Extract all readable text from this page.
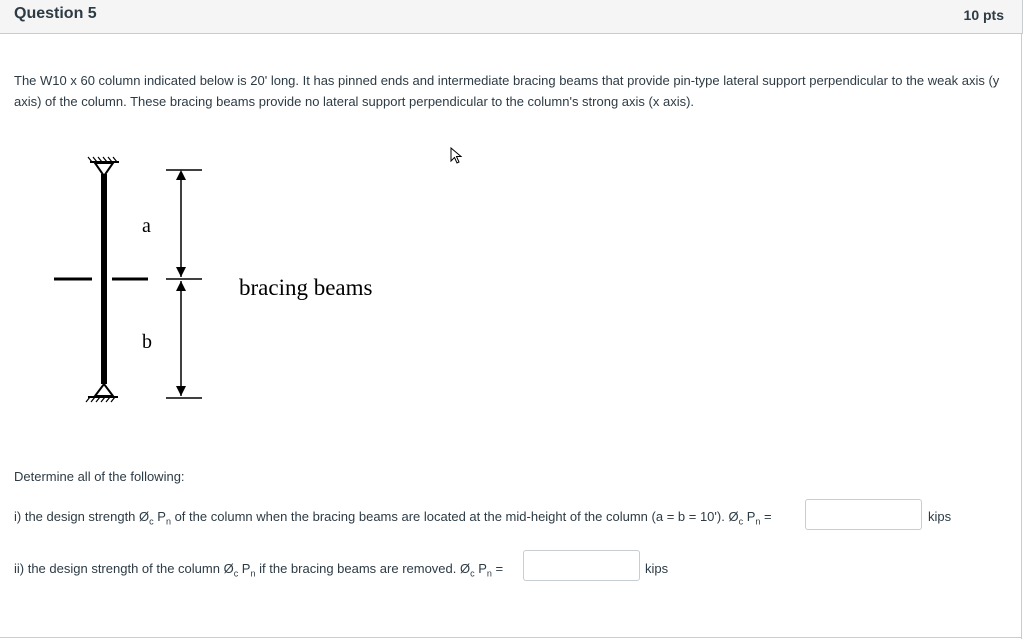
Question 5	10 pts
The W10 x 60 column indicated below is 20' long. It has pinned ends and intermediate bracing beams that provide pin-type lateral support perpendicular to the weak axis (y axis) of the column. These bracing beams provide no lateral support perpendicular to the column's strong axis (x axis).
a
b
bracing beams
Determine all of the following:
i) the design strength $Ø_c$ $P_n$ of the column when the bracing beams are located at the mid-height of the column (a = b = 10'). $Ø_c$ $P_n$ =	kips
ii) the design strength of the column $Ø_c$ $P_n$ if the bracing beams are removed. $Ø_c$ $P_n$ =	kips
